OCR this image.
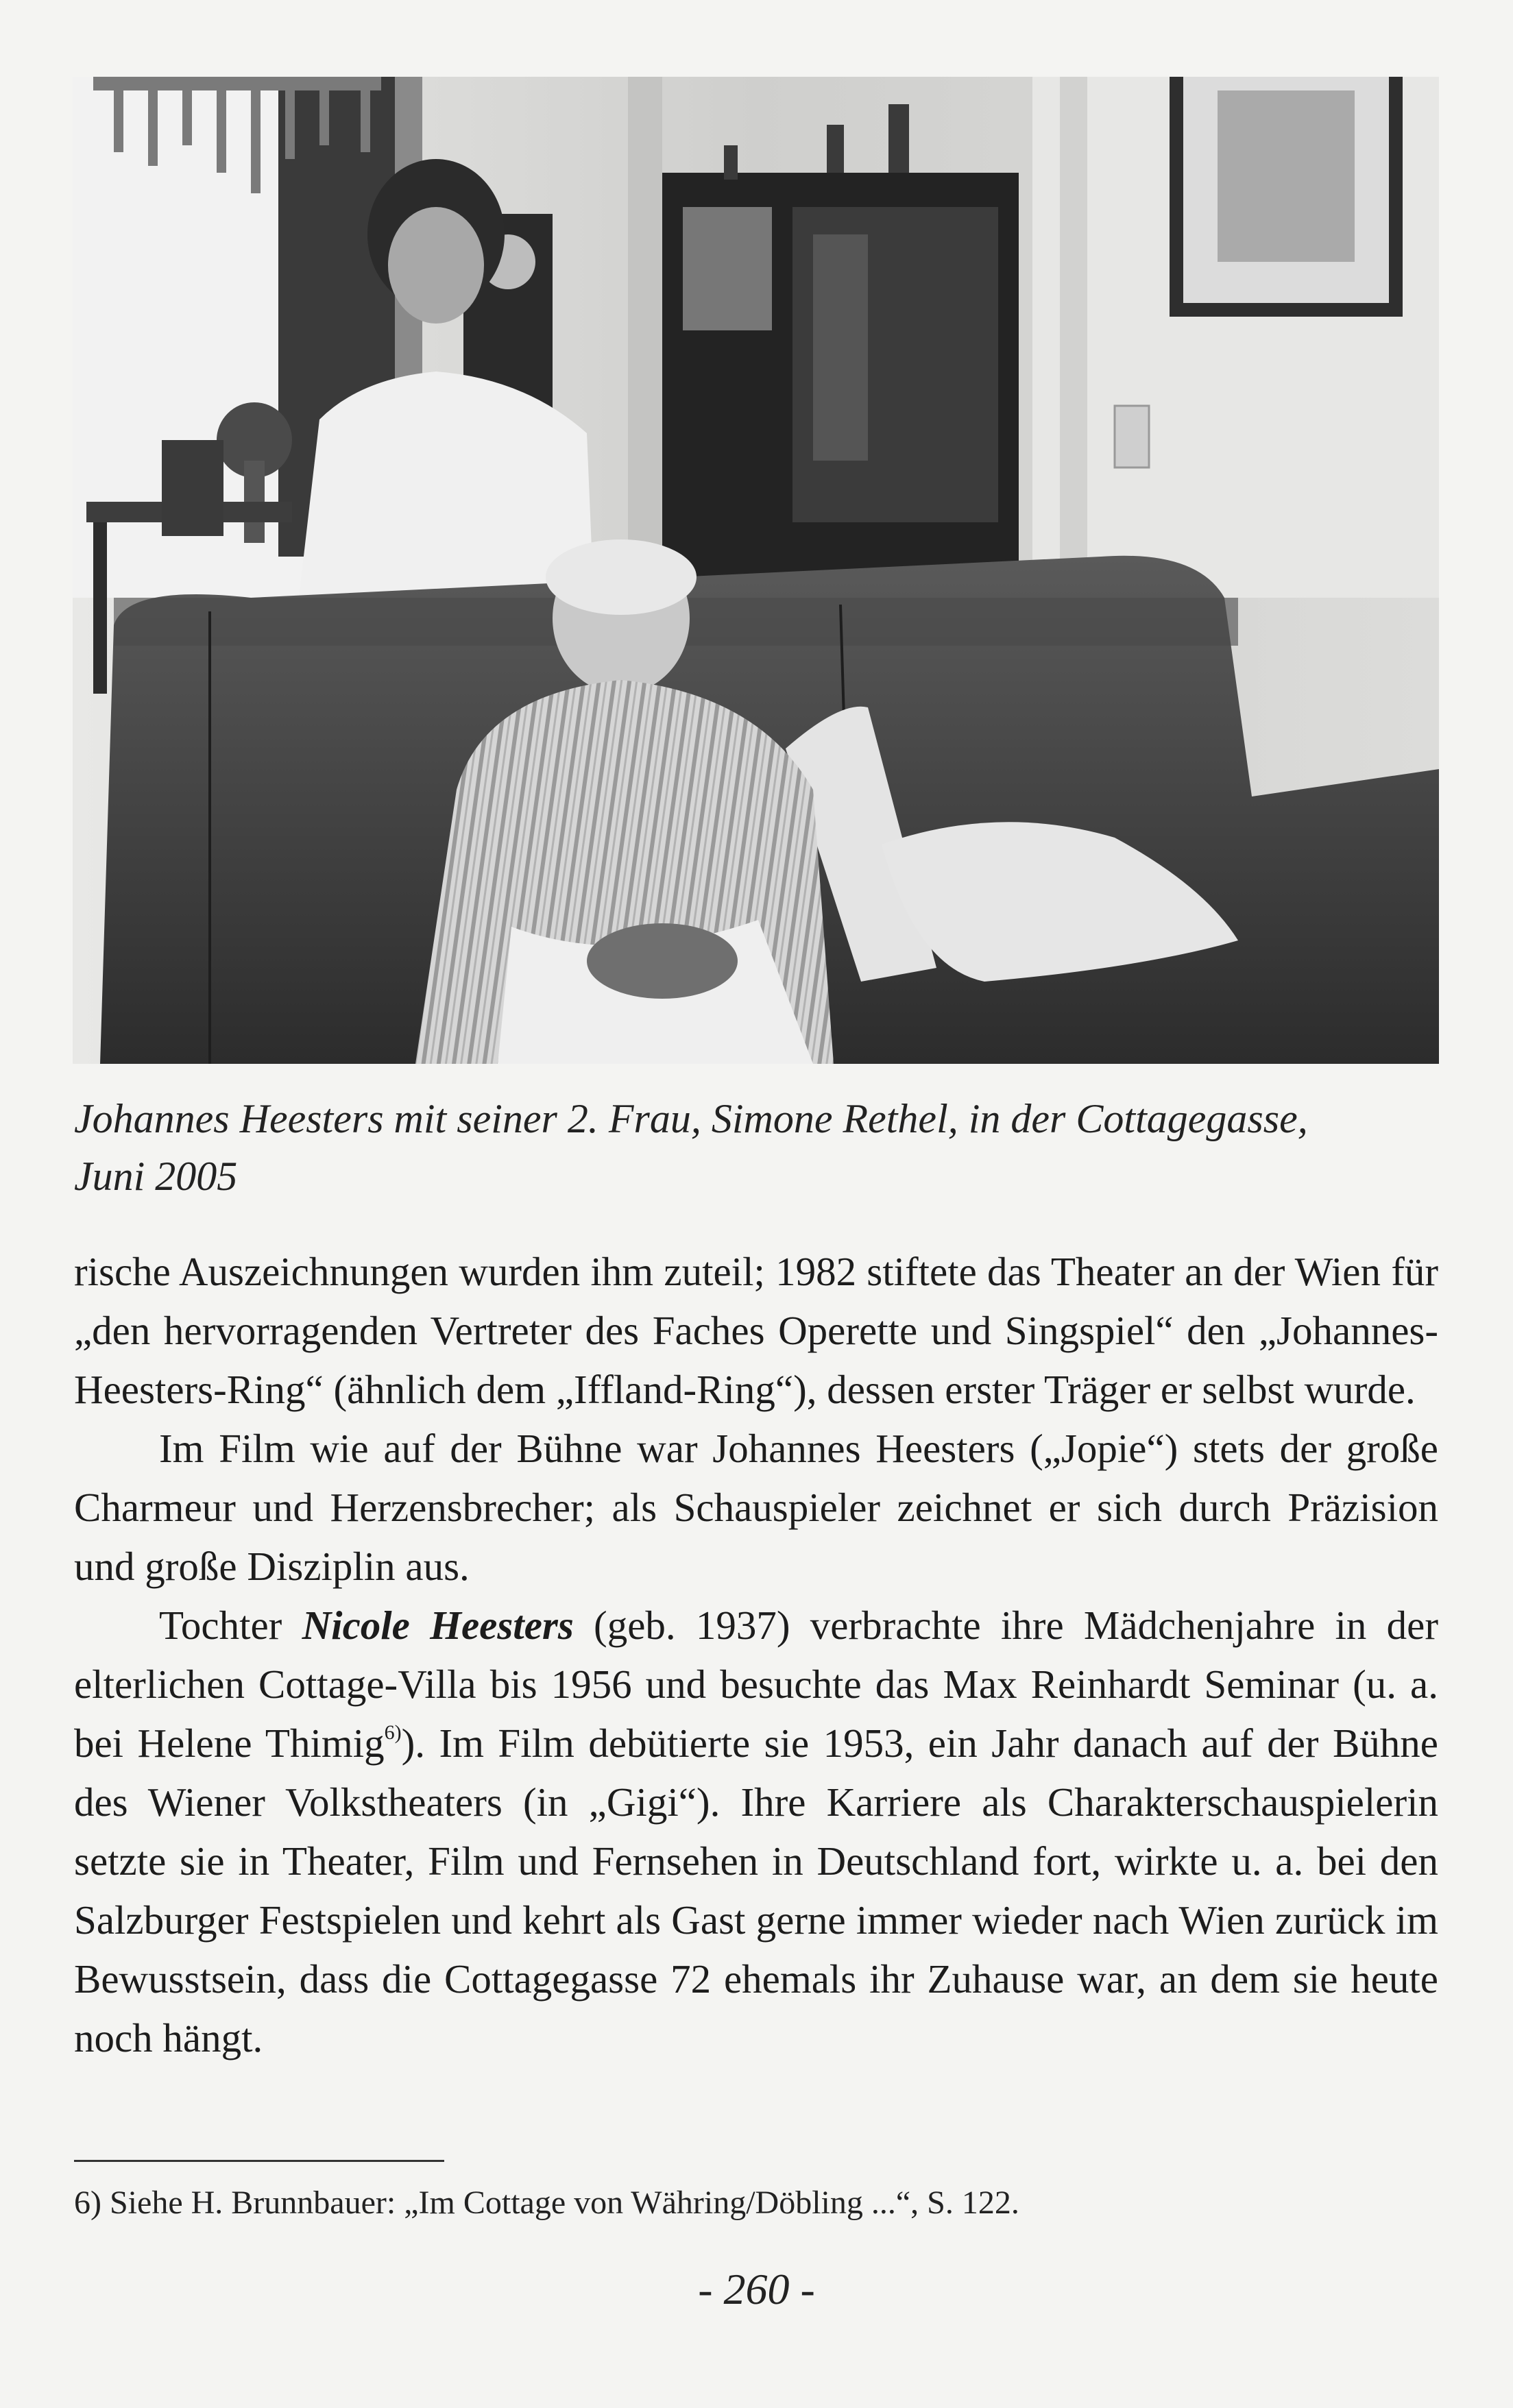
Johannes Heesters mit seiner 2. Frau, Simone Rethel, in der Cottagegasse,
Juni 2005

rische Auszeichnungen wurden ihm zuteil; 1982 stiftete das Theater an der Wien für „den hervorragenden Vertreter des Faches Operette und Singspiel“ den „Johannes-Heesters-Ring“ (ähnlich dem „Iffland-Ring“), dessen erster Träger er selbst wurde.

Im Film wie auf der Bühne war Johannes Heesters („Jopie“) stets der große Charmeur und Herzensbrecher; als Schauspieler zeichnet er sich durch Präzision und große Disziplin aus.

Tochter Nicole Heesters (geb. 1937) verbrachte ihre Mädchenjahre in der elterlichen Cottage-Villa bis 1956 und besuchte das Max Reinhardt Seminar (u. a. bei Helene Thimig$^{6)}$). Im Film debütierte sie 1953, ein Jahr danach auf der Bühne des Wiener Volkstheaters (in „Gigi“). Ihre Karriere als Charakterschauspielerin setzte sie in Theater, Film und Fernsehen in Deutschland fort, wirkte u. a. bei den Salzburger Festspielen und kehrt als Gast gerne immer wieder nach Wien zurück im Bewusstsein, dass die Cottagegasse 72 ehemals ihr Zuhause war, an dem sie heute noch hängt.

6) Siehe H. Brunnbauer: „Im Cottage von Währing/Döbling ...“, S. 122.
- 260 -
